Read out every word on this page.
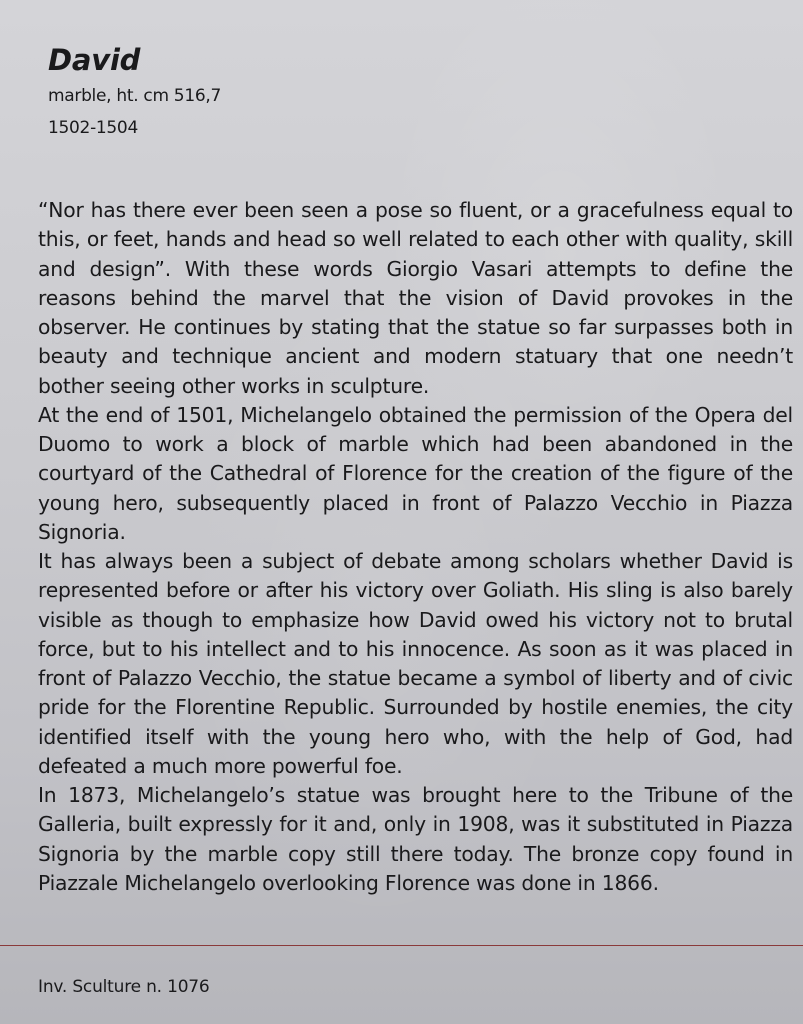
David
marble, ht. cm 516,7
1502-1504

“Nor has there ever been seen a pose so fluent, or a gracefulness equal to this, or feet, hands and head so well related to each other with quality, skill and design”. With these words Giorgio Vasari attempts to define the reasons behind the marvel that the vision of David provokes in the observer. He continues by stating that the statue so far surpasses both in beauty and technique ancient and modern statuary that one needn’t bother seeing other works in sculpture.

At the end of 1501, Michelangelo obtained the permission of the Opera del Duomo to work a block of marble which had been abandoned in the courtyard of the Cathedral of Florence for the creation of the figure of the young hero, subsequently placed in front of Palazzo Vecchio in Piazza Signoria.

It has always been a subject of debate among scholars whether David is represented before or after his victory over Goliath. His sling is also barely visible as though to emphasize how David owed his victory not to brutal force, but to his intellect and to his innocence. As soon as it was placed in front of Palazzo Vecchio, the statue became a symbol of liberty and of civic pride for the Florentine Republic. Surrounded by hostile enemies, the city identified itself with the young hero who, with the help of God, had defeated a much more powerful foe.

In 1873, Michelangelo’s statue was brought here to the Tribune of the Galleria, built expressly for it and, only in 1908, was it substituted in Piazza Signoria by the marble copy still there today. The bronze copy found in Piazzale Michelangelo overlooking Florence was done in 1866.

Inv. Sculture n. 1076
